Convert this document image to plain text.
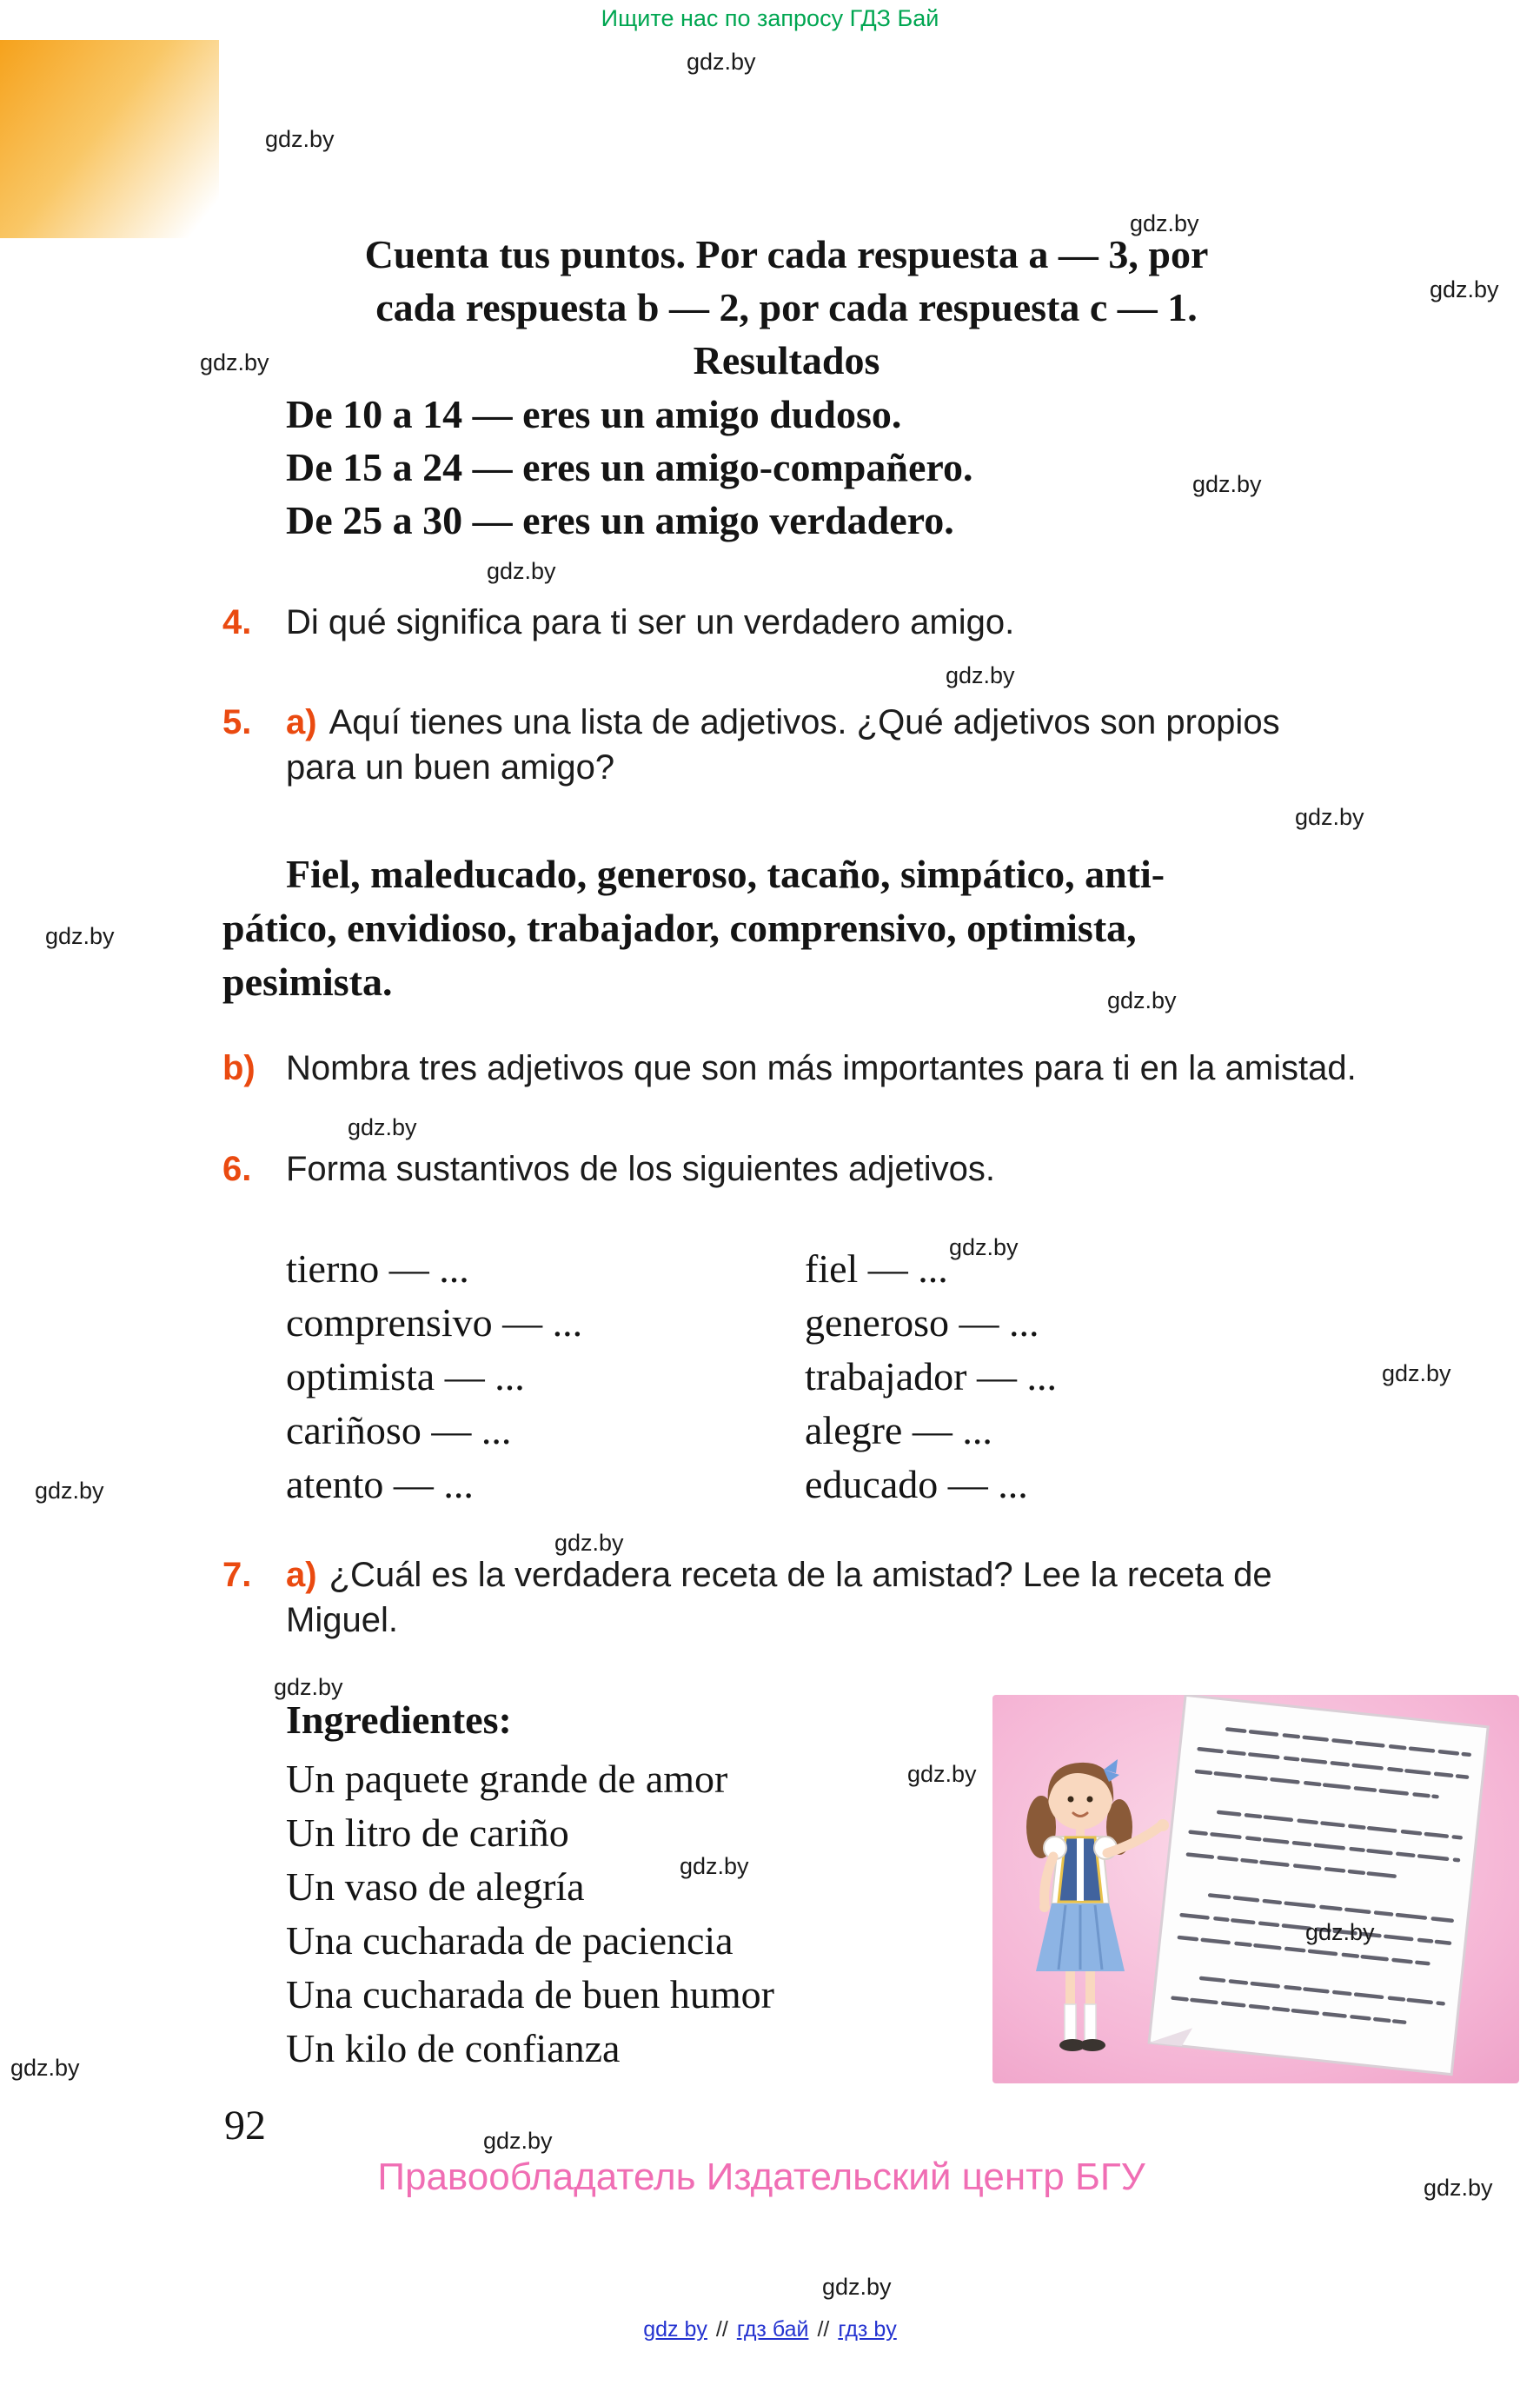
Ищите нас по запросу ГДЗ Бай
gdz.by
gdz.by
gdz.by
gdz.by
gdz.by
gdz.by
gdz.by
gdz.by
gdz.by
gdz.by
gdz.by
gdz.by
gdz.by
gdz.by
gdz.by
gdz.by
gdz.by
gdz.by
gdz.by
gdz.by
gdz.by
gdz.by
gdz.by
gdz.by
Cuenta tus puntos. Por cada respuesta a — 3, por
cada respuesta b — 2, por cada respuesta c — 1.
Resultados
De 10 a 14 — eres un amigo dudoso.
De 15 a 24 — eres un amigo-compañero.
De 25 a 30 — eres un amigo verdadero.
4. Di qué significa para ti ser un verdadero amigo.
5. a) Aquí tienes una lista de adjetivos. ¿Qué adjetivos son propios
para un buen amigo?
Fiel, maleducado, generoso, tacaño, simpático, anti-
pático, envidioso, trabajador, comprensivo, optimista,
pesimista.
b) Nombra tres adjetivos que son más importantes para ti en la amistad.
6. Forma sustantivos de los siguientes adjetivos.
tierno — ...
comprensivo — ...
optimista — ...
cariñoso — ...
atento — ...
fiel — ...
generoso — ...
trabajador — ...
alegre — ...
educado — ...
7. a) ¿Cuál es la verdadera receta de la amistad? Lee la receta de
Miguel.
Ingredientes:
Un paquete grande de amor
Un litro de cariño
Un vaso de alegría
Una cucharada de paciencia
Una cucharada de buen humor
Un kilo de confianza
92
Правообладатель Издательский центр БГУ
gdz by // гдз бай // гдз by
